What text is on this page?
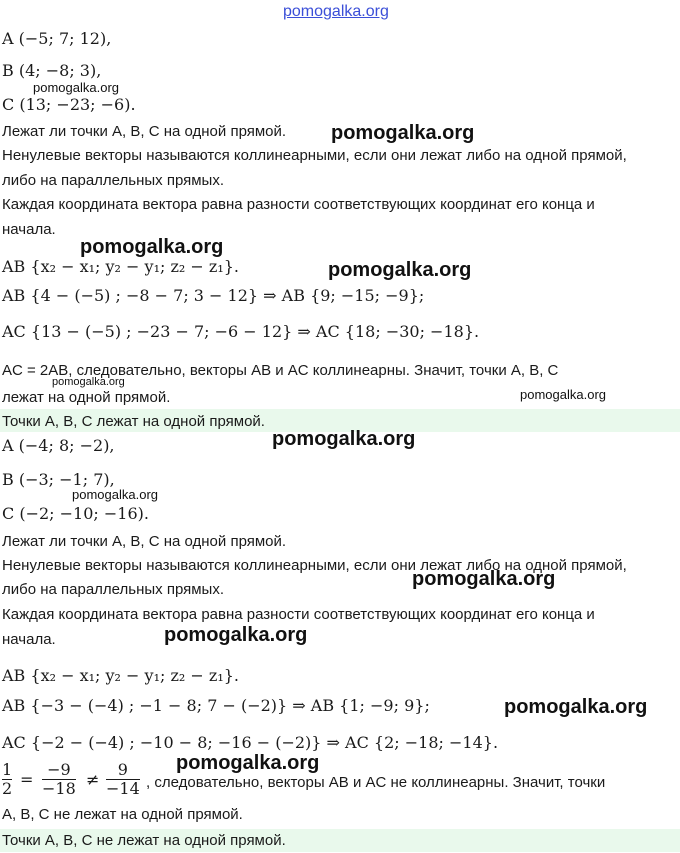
A (−5; 7; 12),
B (4; −8; 3),
C (13; −23; −6).
Лежат ли точки A, B, C на одной прямой.
Ненулевые векторы называются коллинеарными, если они лежат либо на одной прямой,
либо на параллельных прямых.
Каждая координата вектора равна разности соответствующих координат его конца и
начала.
AB {x₂ − x₁; y₂ − y₁; z₂ − z₁}.
AB {4 − (−5) ; −8 − 7; 3 − 12} ⇒ AB {9; −15; −9};
AC {13 − (−5) ; −23 − 7; −6 − 12} ⇒ AC {18; −30; −18}.
AC = 2AB, следовательно, векторы AB и AC коллинеарны. Значит, точки A, B, C
лежат на одной прямой.
Точки A, B, C лежат на одной прямой.
A (−4; 8; −2),
B (−3; −1; 7),
C (−2; −10; −16).
Лежат ли точки A, B, C на одной прямой.
Ненулевые векторы называются коллинеарными, если они лежат либо на одной прямой,
либо на параллельных прямых.
Каждая координата вектора равна разности соответствующих координат его конца и
начала.
AB {x₂ − x₁; y₂ − y₁; z₂ − z₁}.
AB {−3 − (−4) ; −1 − 8; 7 − (−2)} ⇒ AB {1; −9; 9};
AC {−2 − (−4) ; −10 − 8; −16 − (−2)} ⇒ AC {2; −18; −14}.
1
2 =
−9
−18 ≠
9
−14 , следовательно, векторы AB и AC не коллинеарны. Значит, точки
A, B, C не лежат на одной прямой.
Точки A, B, C не лежат на одной прямой.
pomogalka.org
pomogalka.org
pomogalka.org
pomogalka.org
pomogalka.org
pomogalka.org
pomogalka.org
pomogalka.org
pomogalka.org
pomogalka.org
pomogalka.org
pomogalka.org
pomogalka.org
